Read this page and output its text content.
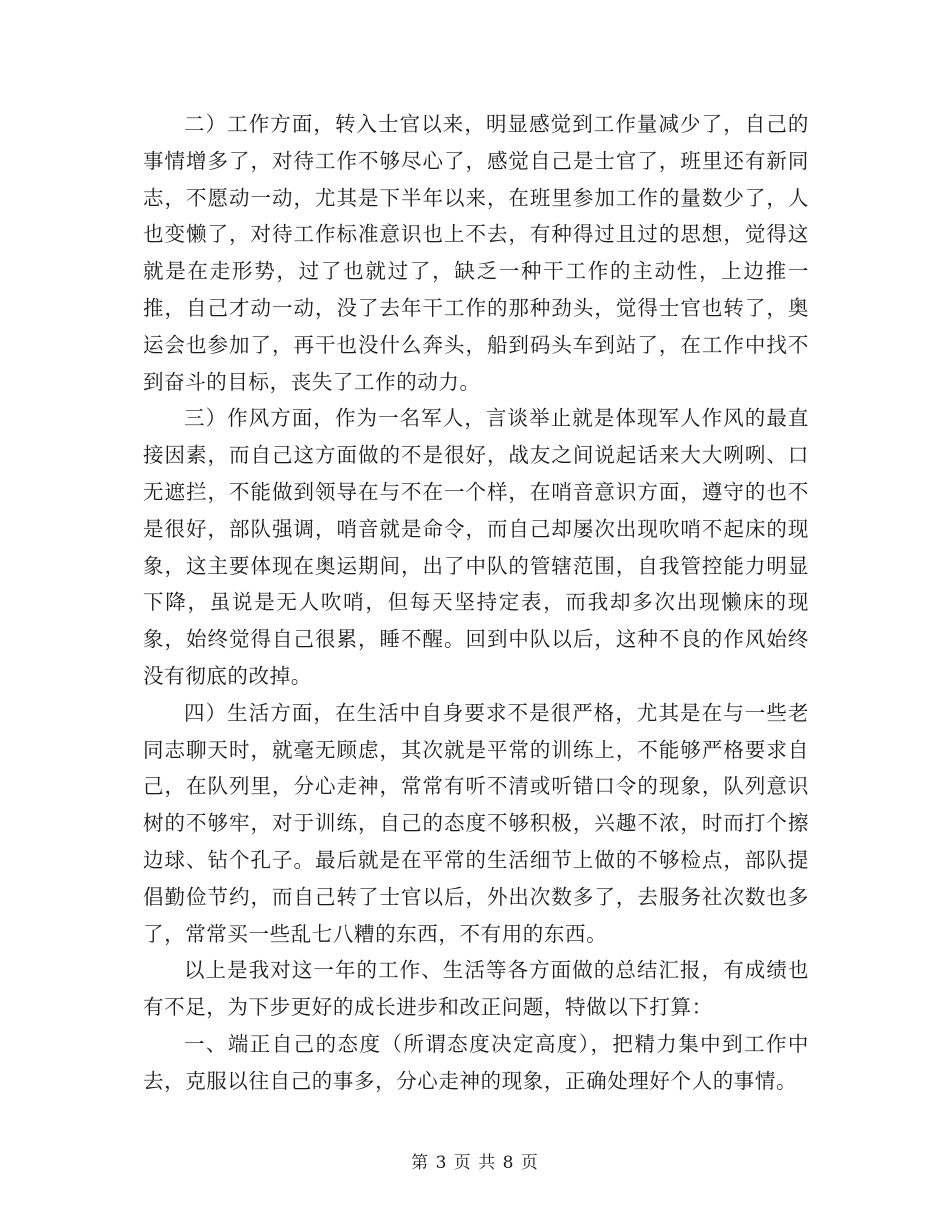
二）工作方面，转入士官以来，明显感觉到工作量减少了，自己的事情增多了，对待工作不够尽心了，感觉自己是士官了，班里还有新同志，不愿动一动，尤其是下半年以来，在班里参加工作的量数少了，人也变懒了，对待工作标准意识也上不去，有种得过且过的思想，觉得这就是在走形势，过了也就过了，缺乏一种干工作的主动性，上边推一推，自己才动一动，没了去年干工作的那种劲头，觉得士官也转了，奥运会也参加了，再干也没什么奔头，船到码头车到站了，在工作中找不到奋斗的目标，丧失了工作的动力。

三）作风方面，作为一名军人，言谈举止就是体现军人作风的最直接因素，而自己这方面做的不是很好，战友之间说起话来大大咧咧、口无遮拦，不能做到领导在与不在一个样，在哨音意识方面，遵守的也不是很好，部队强调，哨音就是命令，而自己却屡次出现吹哨不起床的现象，这主要体现在奥运期间，出了中队的管辖范围，自我管控能力明显下降，虽说是无人吹哨，但每天坚持定表，而我却多次出现懒床的现象，始终觉得自己很累，睡不醒。回到中队以后，这种不良的作风始终没有彻底的改掉。

四）生活方面，在生活中自身要求不是很严格，尤其是在与一些老同志聊天时，就毫无顾虑，其次就是平常的训练上，不能够严格要求自己，在队列里，分心走神，常常有听不清或听错口令的现象，队列意识树的不够牢，对于训练，自己的态度不够积极，兴趣不浓，时而打个擦边球、钻个孔子。最后就是在平常的生活细节上做的不够检点，部队提倡勤俭节约，而自己转了士官以后，外出次数多了，去服务社次数也多了，常常买一些乱七八糟的东西，不有用的东西。

以上是我对这一年的工作、生活等各方面做的总结汇报，有成绩也有不足，为下步更好的成长进步和改正问题，特做以下打算：

一、端正自己的态度（所谓态度决定高度），把精力集中到工作中去，克服以往自己的事多，分心走神的现象，正确处理好个人的事情。

第 3 页 共 8 页
